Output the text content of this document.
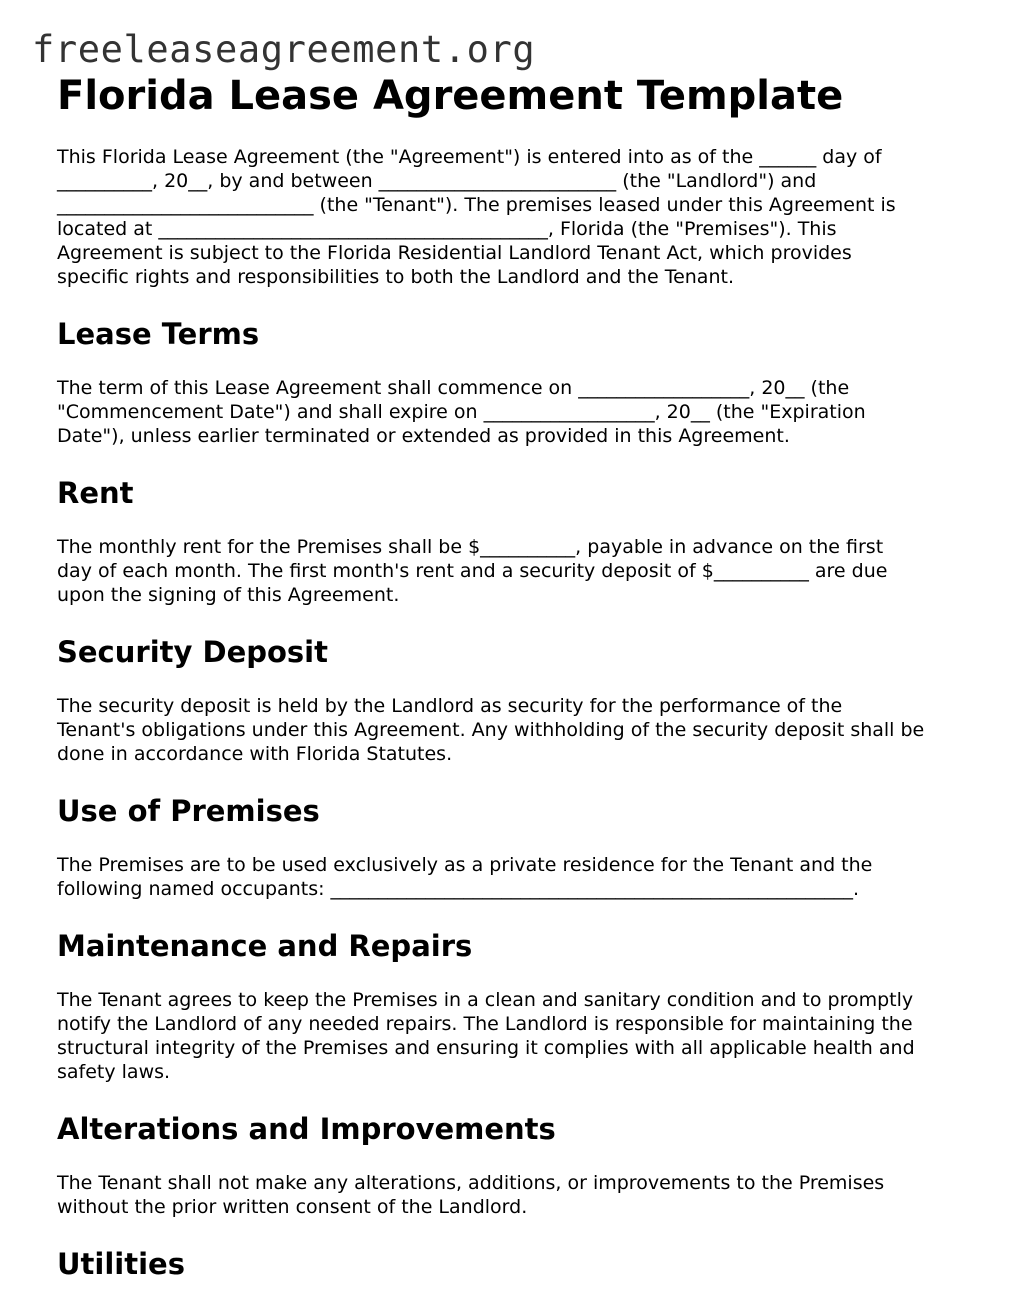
freeleaseagreement.org
Florida Lease Agreement Template

This Florida Lease Agreement (the "Agreement") is entered into as of the ______ day of
__________, 20__, by and between _________________________ (the "Landlord") and
___________________________ (the "Tenant"). The premises leased under this Agreement is
located at _________________________________________, Florida (the "Premises"). This
Agreement is subject to the Florida Residential Landlord Tenant Act, which provides
specific rights and responsibilities to both the Landlord and the Tenant.

Lease Terms

The term of this Lease Agreement shall commence on __________________, 20__ (the
"Commencement Date") and shall expire on __________________, 20__ (the "Expiration
Date"), unless earlier terminated or extended as provided in this Agreement.

Rent

The monthly rent for the Premises shall be $__________, payable in advance on the first
day of each month. The first month's rent and a security deposit of $__________ are due
upon the signing of this Agreement.

Security Deposit

The security deposit is held by the Landlord as security for the performance of the
Tenant's obligations under this Agreement. Any withholding of the security deposit shall be
done in accordance with Florida Statutes.

Use of Premises

The Premises are to be used exclusively as a private residence for the Tenant and the
following named occupants: _______________________________________________________.

Maintenance and Repairs

The Tenant agrees to keep the Premises in a clean and sanitary condition and to promptly
notify the Landlord of any needed repairs. The Landlord is responsible for maintaining the
structural integrity of the Premises and ensuring it complies with all applicable health and
safety laws.

Alterations and Improvements

The Tenant shall not make any alterations, additions, or improvements to the Premises
without the prior written consent of the Landlord.

Utilities
